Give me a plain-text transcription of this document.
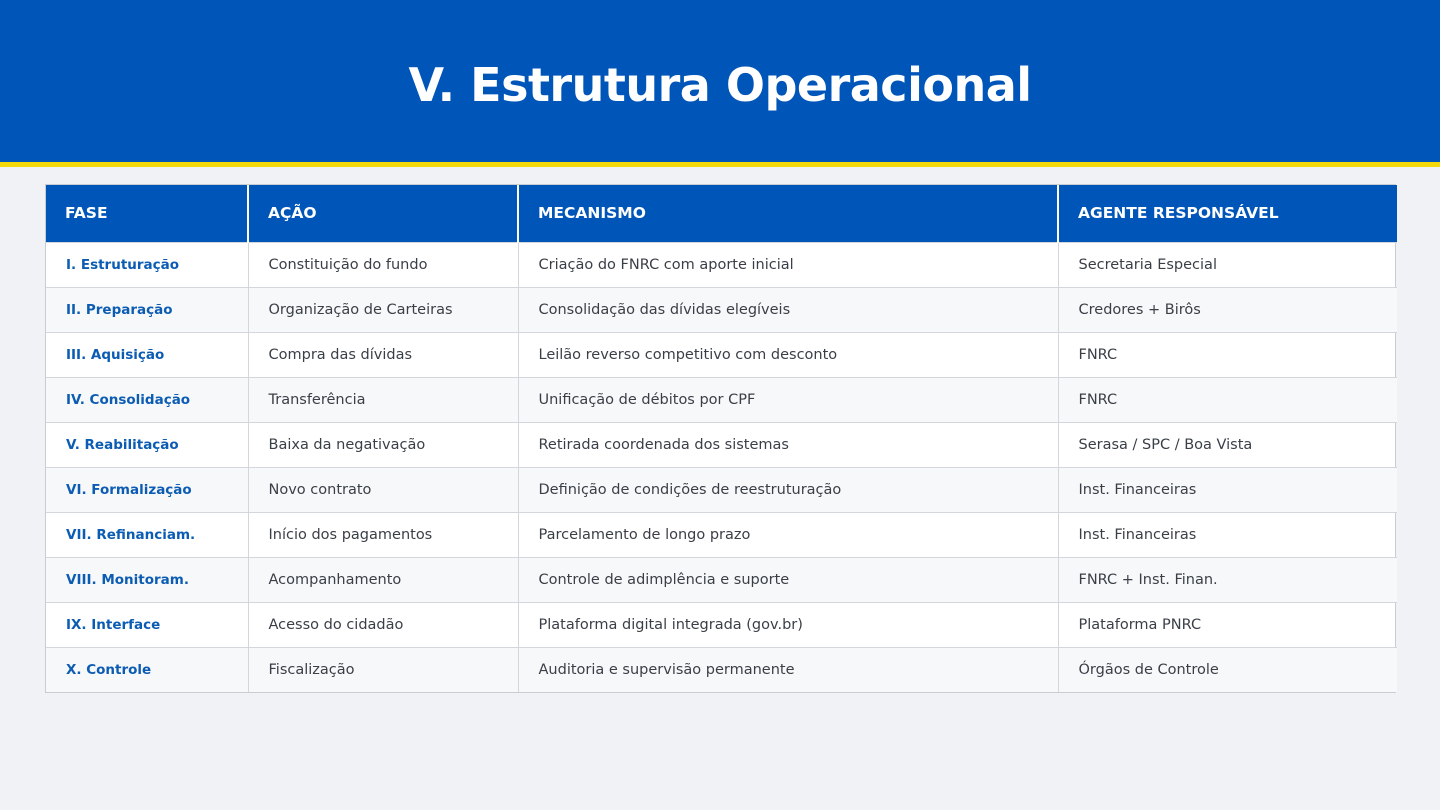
V. Estrutura Operacional
FASE	AÇÃO	MECANISMO	AGENTE RESPONSÁVEL
I. Estruturação	Constituição do fundo	Criação do FNRC com aporte inicial	Secretaria Especial
II. Preparação	Organização de Carteiras	Consolidação das dívidas elegíveis	Credores + Birôs
III. Aquisição	Compra das dívidas	Leilão reverso competitivo com desconto	FNRC
IV. Consolidação	Transferência	Unificação de débitos por CPF	FNRC
V. Reabilitação	Baixa da negativação	Retirada coordenada dos sistemas	Serasa / SPC / Boa Vista
VI. Formalização	Novo contrato	Definição de condições de reestruturação	Inst. Financeiras
VII. Refinanciam.	Início dos pagamentos	Parcelamento de longo prazo	Inst. Financeiras
VIII. Monitoram.	Acompanhamento	Controle de adimplência e suporte	FNRC + Inst. Finan.
IX. Interface	Acesso do cidadão	Plataforma digital integrada (gov.br)	Plataforma PNRC
X. Controle	Fiscalização	Auditoria e supervisão permanente	Órgãos de Controle
